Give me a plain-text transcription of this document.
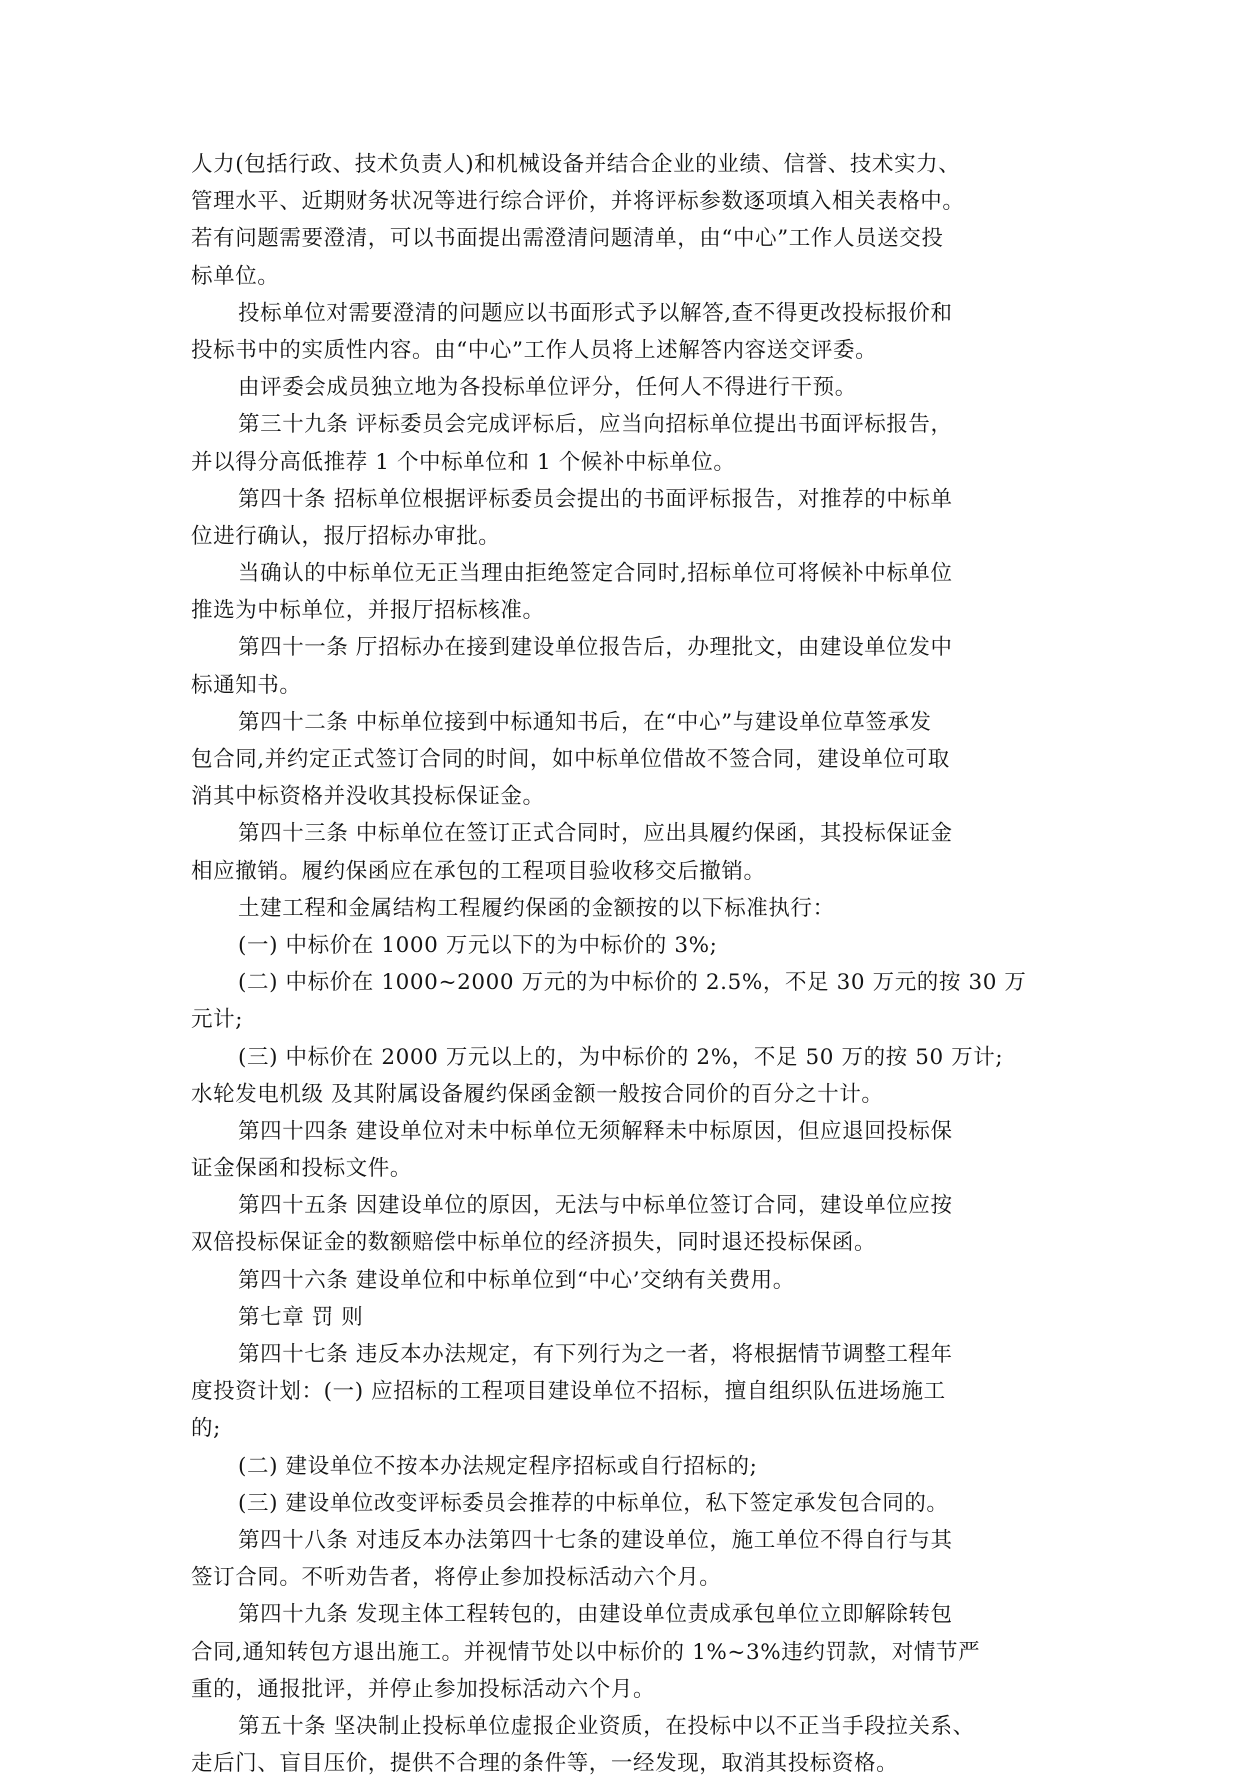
人力(包括行政、技术负责人)和机械设备并结合企业的业绩、信誉、技术实力、
管理水平、近期财务状况等进行综合评价，并将评标参数逐项填入相关表格中。
若有问题需要澄清，可以书面提出需澄清问题清单，由“中心”工作人员送交投
标单位。
投标单位对需要澄清的问题应以书面形式予以解答,查不得更改投标报价和
投标书中的实质性内容。由“中心”工作人员将上述解答内容送交评委。
由评委会成员独立地为各投标单位评分，任何人不得进行干预。
第三十九条 评标委员会完成评标后，应当向招标单位提出书面评标报告，
并以得分高低推荐 1 个中标单位和 1 个候补中标单位。
第四十条 招标单位根据评标委员会提出的书面评标报告，对推荐的中标单
位进行确认，报厅招标办审批。
当确认的中标单位无正当理由拒绝签定合同时,招标单位可将候补中标单位
推选为中标单位，并报厅招标核准。
第四十一条 厅招标办在接到建设单位报告后，办理批文，由建设单位发中
标通知书。
第四十二条 中标单位接到中标通知书后，在“中心”与建设单位草签承发
包合同,并约定正式签订合同的时间，如中标单位借故不签合同，建设单位可取
消其中标资格并没收其投标保证金。
第四十三条 中标单位在签订正式合同时，应出具履约保函，其投标保证金
相应撤销。履约保函应在承包的工程项目验收移交后撤销。
土建工程和金属结构工程履约保函的金额按的以下标准执行：
(一) 中标价在 1000 万元以下的为中标价的 3%;
(二) 中标价在 1000~2000 万元的为中标价的 2.5%，不足 30 万元的按 30 万
元计;
(三) 中标价在 2000 万元以上的，为中标价的 2%，不足 50 万的按 50 万计;
水轮发电机级 及其附属设备履约保函金额一般按合同价的百分之十计。
第四十四条 建设单位对未中标单位无须解释未中标原因，但应退回投标保
证金保函和投标文件。
第四十五条 因建设单位的原因，无法与中标单位签订合同，建设单位应按
双倍投标保证金的数额赔偿中标单位的经济损失，同时退还投标保函。
第四十六条 建设单位和中标单位到“中心’交纳有关费用。
第七章 罚 则
第四十七条 违反本办法规定，有下列行为之一者，将根据情节调整工程年
度投资计划：(一) 应招标的工程项目建设单位不招标，擅自组织队伍进场施工
的;
(二) 建设单位不按本办法规定程序招标或自行招标的;
(三) 建设单位改变评标委员会推荐的中标单位，私下签定承发包合同的。
第四十八条 对违反本办法第四十七条的建设单位，施工单位不得自行与其
签订合同。不听劝告者，将停止参加投标活动六个月。
第四十九条 发现主体工程转包的，由建设单位责成承包单位立即解除转包
合同,通知转包方退出施工。并视情节处以中标价的 1%~3%违约罚款，对情节严
重的，通报批评，并停止参加投标活动六个月。
第五十条 坚决制止投标单位虚报企业资质，在投标中以不正当手段拉关系、
走后门、盲目压价，提供不合理的条件等，一经发现，取消其投标资格。
